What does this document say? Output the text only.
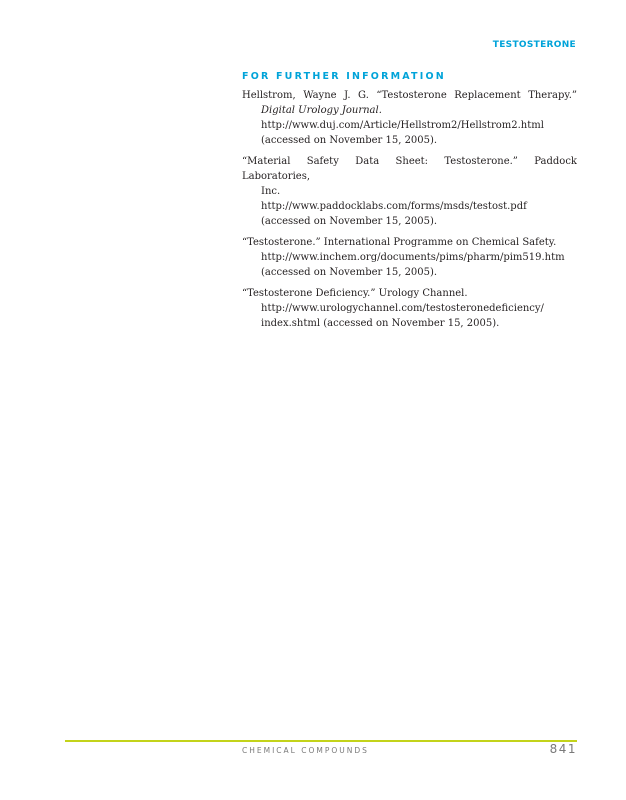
TESTOSTERONE
FOR FURTHER INFORMATION
Hellstrom, Wayne J. G. “Testosterone Replacement Therapy.”
Digital Urology Journal.
http://www.duj.com/Article/Hellstrom2/Hellstrom2.html
(accessed on November 15, 2005).
“Material Safety Data Sheet: Testosterone.” Paddock Laboratories,
Inc.
http://www.paddocklabs.com/forms/msds/testost.pdf
(accessed on November 15, 2005).
“Testosterone.” International Programme on Chemical Safety.
http://www.inchem.org/documents/pims/pharm/pim519.htm
(accessed on November 15, 2005).
“Testosterone Deficiency.” Urology Channel.
http://www.urologychannel.com/testosteronedeficiency/
index.shtml (accessed on November 15, 2005).
CHEMICAL COMPOUNDS	841
